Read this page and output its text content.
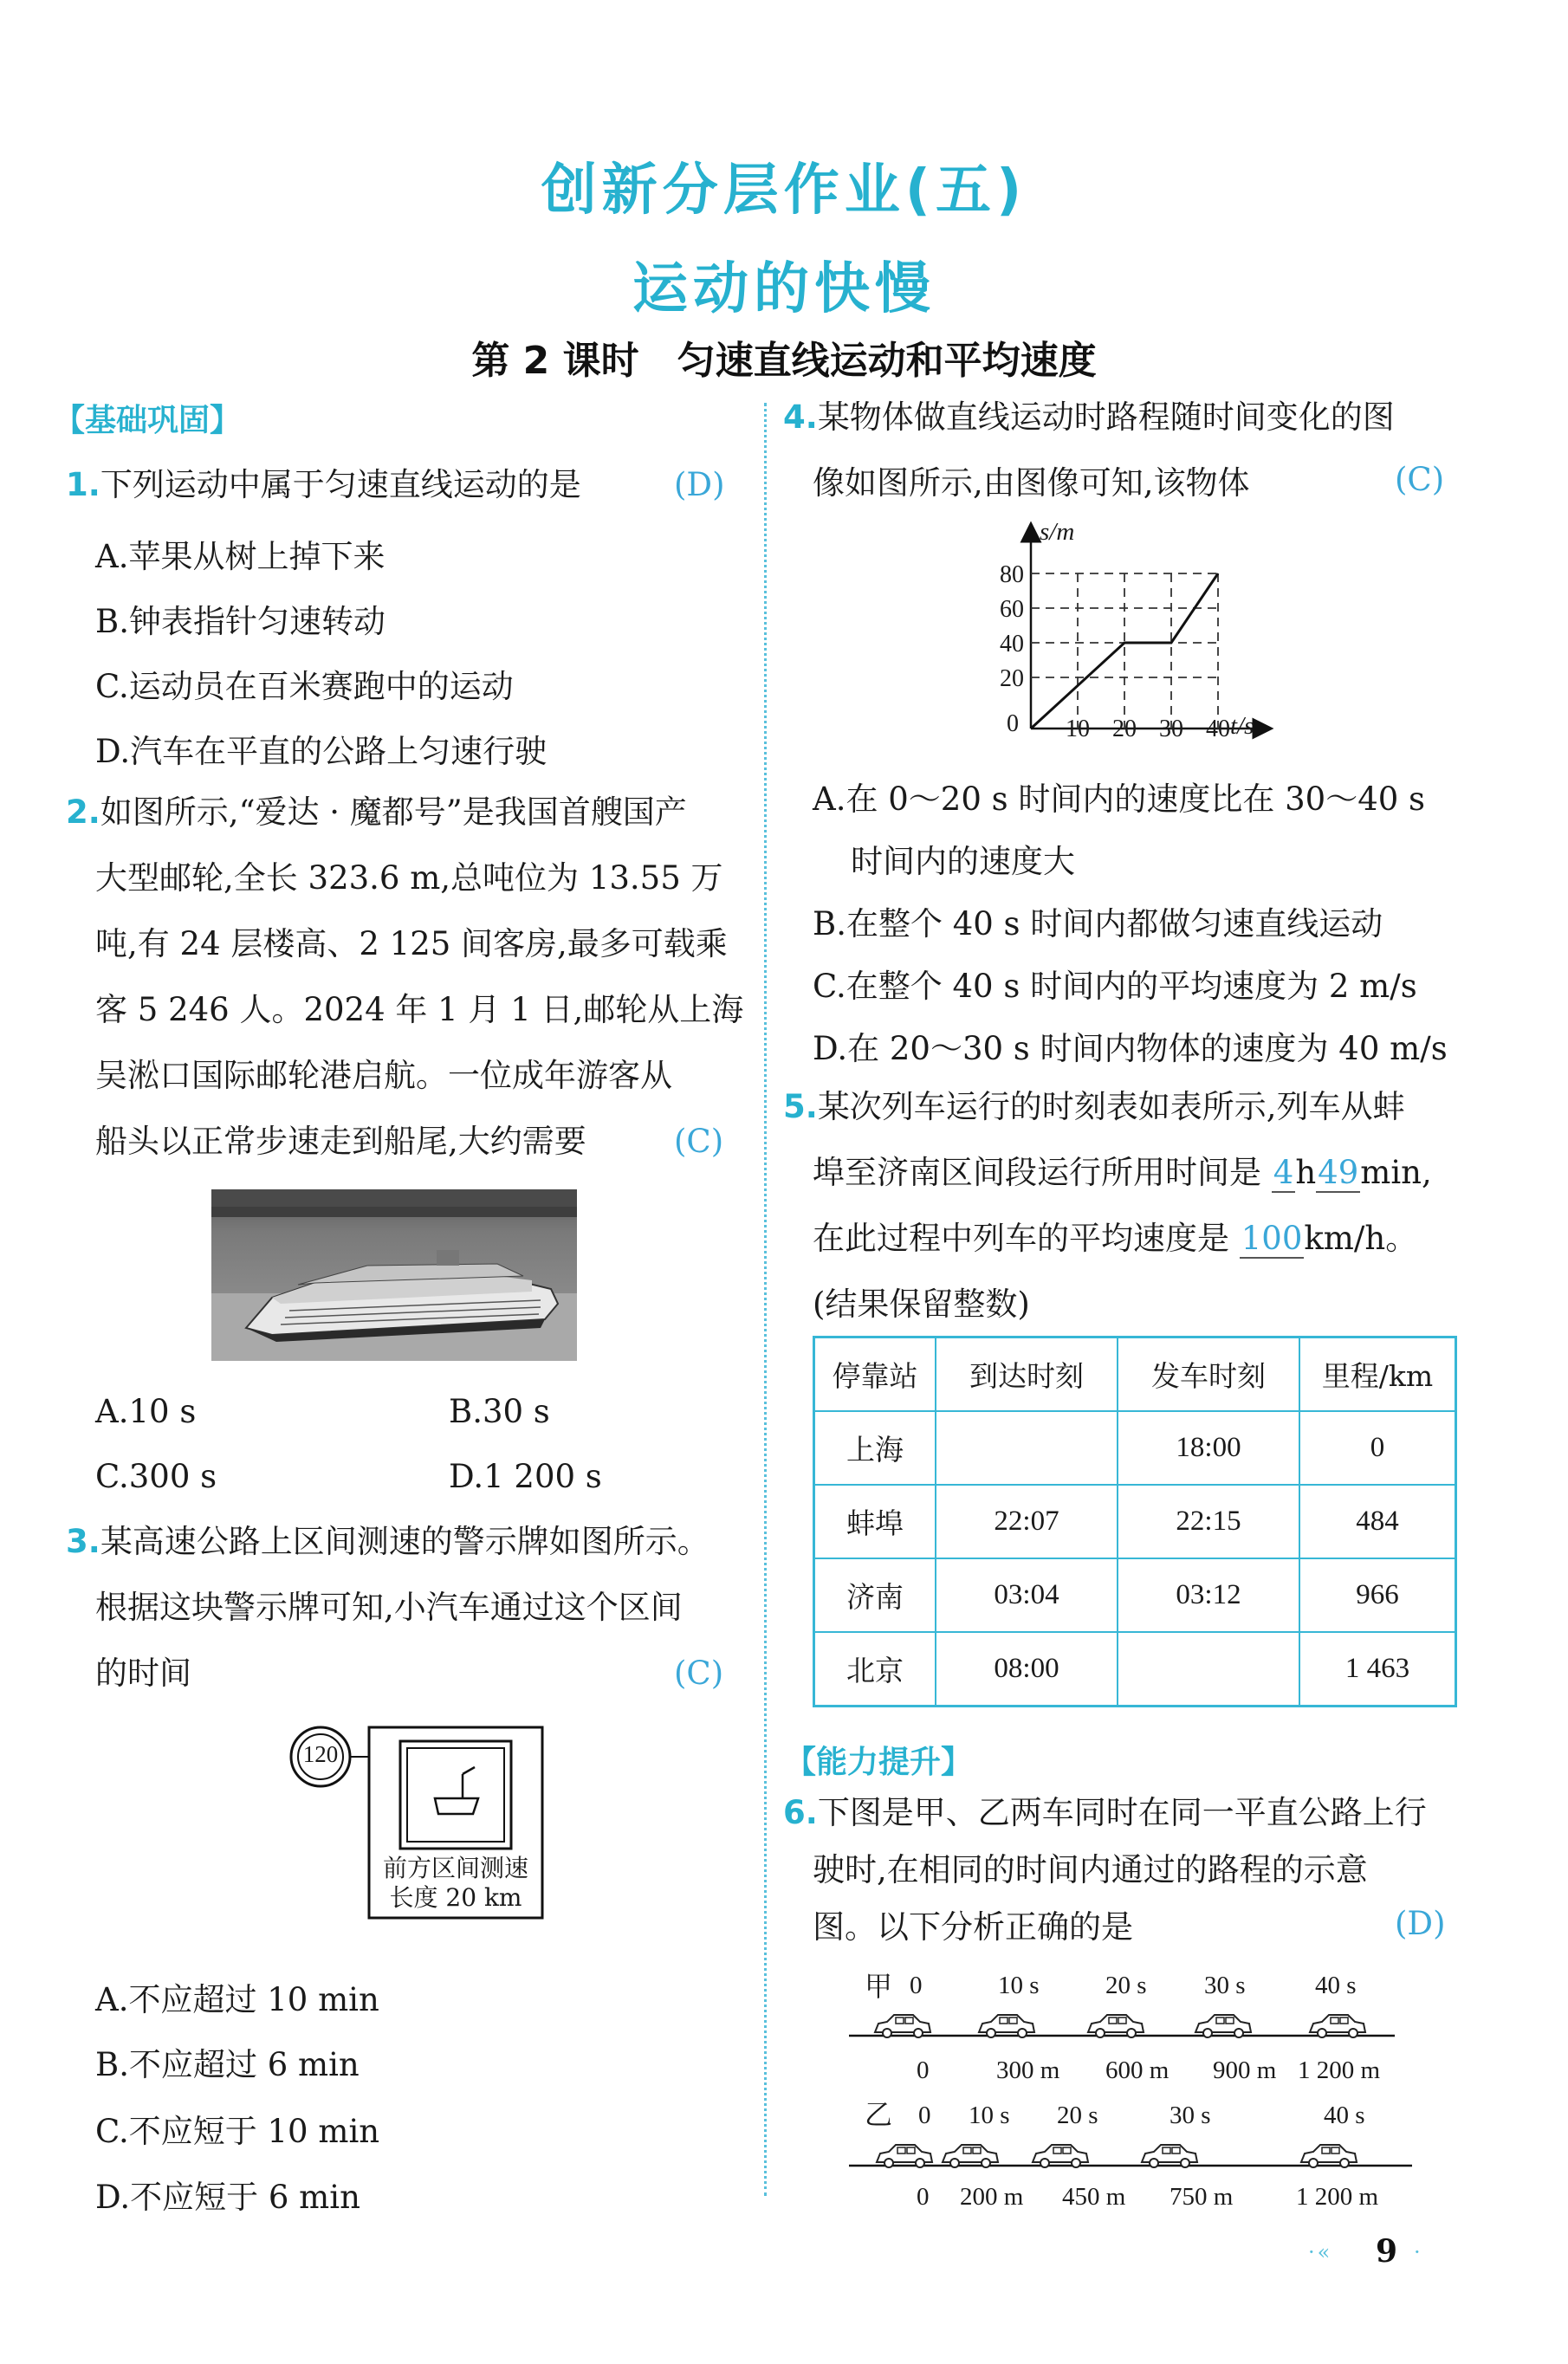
创新分层作业(五)
运动的快慢
第 2 课时　匀速直线运动和平均速度
【基础巩固】
1.下列运动中属于匀速直线运动的是	(D)
A.苹果从树上掉下来
B.钟表指针匀速转动
C.运动员在百米赛跑中的运动
D.汽车在平直的公路上匀速行驶
2.如图所示,“爱达 · 魔都号”是我国首艘国产
大型邮轮,全长 323.6 m,总吨位为 13.55 万
吨,有 24 层楼高、2 125 间客房,最多可载乘
客 5 246 人。2024 年 1 月 1 日,邮轮从上海
吴淞口国际邮轮港启航。一位成年游客从
船头以正常步速走到船尾,大约需要	(C)
A.10 s	B.30 s
C.300 s	D.1 200 s
3.某高速公路上区间测速的警示牌如图所示。
根据这块警示牌可知,小汽车通过这个区间
的时间	(C)
120
前方区间测速
长度 20 km
A.不应超过 10 min
B.不应超过 6 min
C.不应短于 10 min
D.不应短于 6 min
4.某物体做直线运动时路程随时间变化的图
像如图所示,由图像可知,该物体	(C)
s/m
t/s
0
20
40
60
80
10 20 30 40
A.在 0～20 s 时间内的速度比在 30～40 s
时间内的速度大
B.在整个 40 s 时间内都做匀速直线运动
C.在整个 40 s 时间内的平均速度为 2 m/s
D.在 20～30 s 时间内物体的速度为 40 m/s
5.某次列车运行的时刻表如表所示,列车从蚌
埠至济南区间段运行所用时间是 4h49min,
在此过程中列车的平均速度是 100km/h。
(结果保留整数)
停靠站	到达时刻	发车时刻	里程/km
上海		18:00	0
蚌埠	22:07	22:15	484
济南	03:04	03:12	966
北京	08:00		1 463
【能力提升】
6.下图是甲、乙两车同时在同一平直公路上行
驶时,在相同的时间内通过的路程的示意
图。以下分析正确的是	(D)
甲 0	10 s	20 s 30 s	40 s
0	300 m 600 m 900 m 1 200 m
乙 0 10 s 20 s	30 s	40 s
0 200 m 450 m 750 m	1 200 m
·« 9 ·
